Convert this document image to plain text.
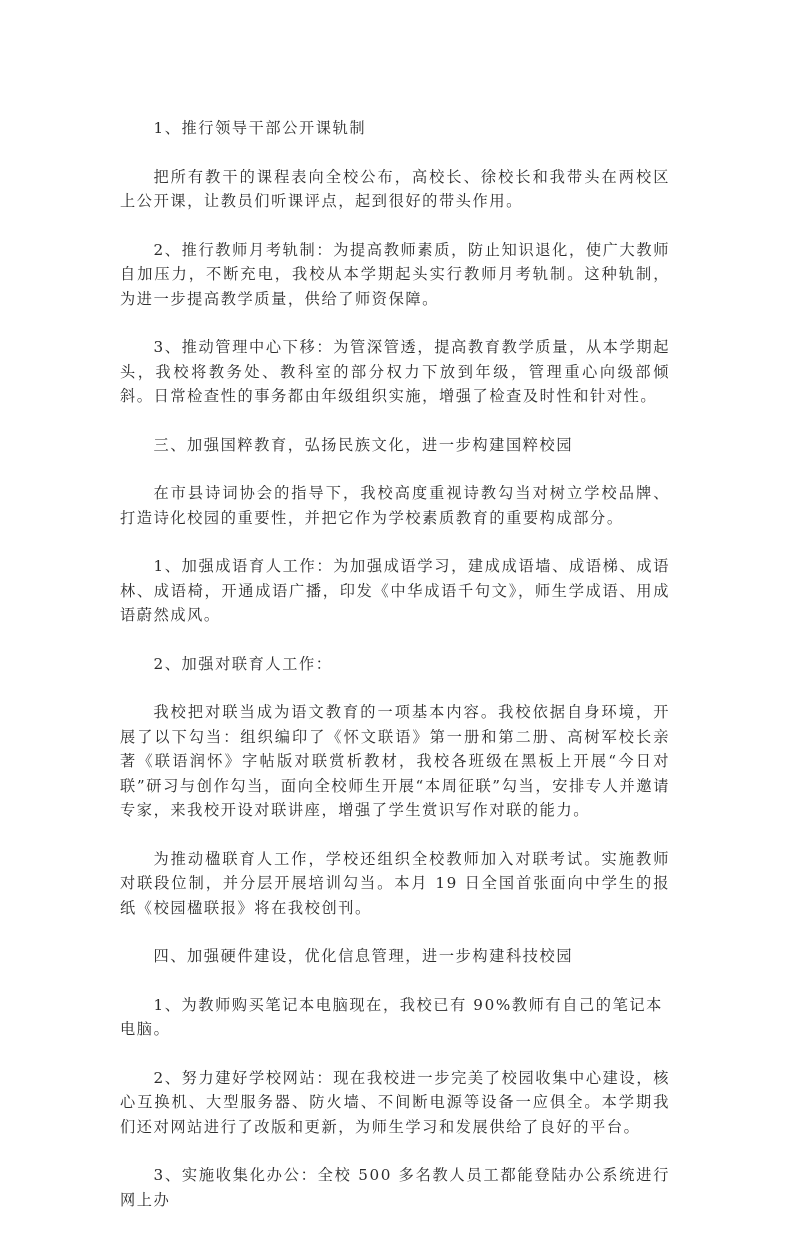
1、推行领导干部公开课轨制

把所有教干的课程表向全校公布，高校长、徐校长和我带头在两校区上公开课，让教员们听课评点，起到很好的带头作用。

2、推行教师月考轨制：为提高教师素质，防止知识退化，使广大教师自加压力，不断充电，我校从本学期起头实行教师月考轨制。这种轨制，为进一步提高教学质量，供给了师资保障。

3、推动管理中心下移：为管深管透，提高教育教学质量，从本学期起头，我校将教务处、教科室的部分权力下放到年级，管理重心向级部倾斜。日常检查性的事务都由年级组织实施，增强了检查及时性和针对性。

三、加强国粹教育，弘扬民族文化，进一步构建国粹校园

在市县诗词协会的指导下，我校高度重视诗教勾当对树立学校品牌、打造诗化校园的重要性，并把它作为学校素质教育的重要构成部分。

1、加强成语育人工作：为加强成语学习，建成成语墙、成语梯、成语林、成语椅，开通成语广播，印发《中华成语千句文》，师生学成语、用成语蔚然成风。

2、加强对联育人工作：

我校把对联当成为语文教育的一项基本内容。我校依据自身环境，开展了以下勾当：组织编印了《怀文联语》第一册和第二册、高树军校长亲著《联语润怀》字帖版对联赏析教材，我校各班级在黑板上开展“今日对联”研习与创作勾当，面向全校师生开展“本周征联”勾当，安排专人并邀请专家，来我校开设对联讲座，增强了学生赏识写作对联的能力。

为推动楹联育人工作，学校还组织全校教师加入对联考试。实施教师对联段位制，并分层开展培训勾当。本月 19 日全国首张面向中学生的报纸《校园楹联报》将在我校创刊。

四、加强硬件建设，优化信息管理，进一步构建科技校园

1、为教师购买笔记本电脑现在，我校已有 90%教师有自己的笔记本电脑。

2、努力建好学校网站：现在我校进一步完美了校园收集中心建设，核心互换机、大型服务器、防火墙、不间断电源等设备一应俱全。本学期我们还对网站进行了改版和更新，为师生学习和发展供给了良好的平台。

3、实施收集化办公：全校 500 多名教人员工都能登陆办公系统进行网上办
